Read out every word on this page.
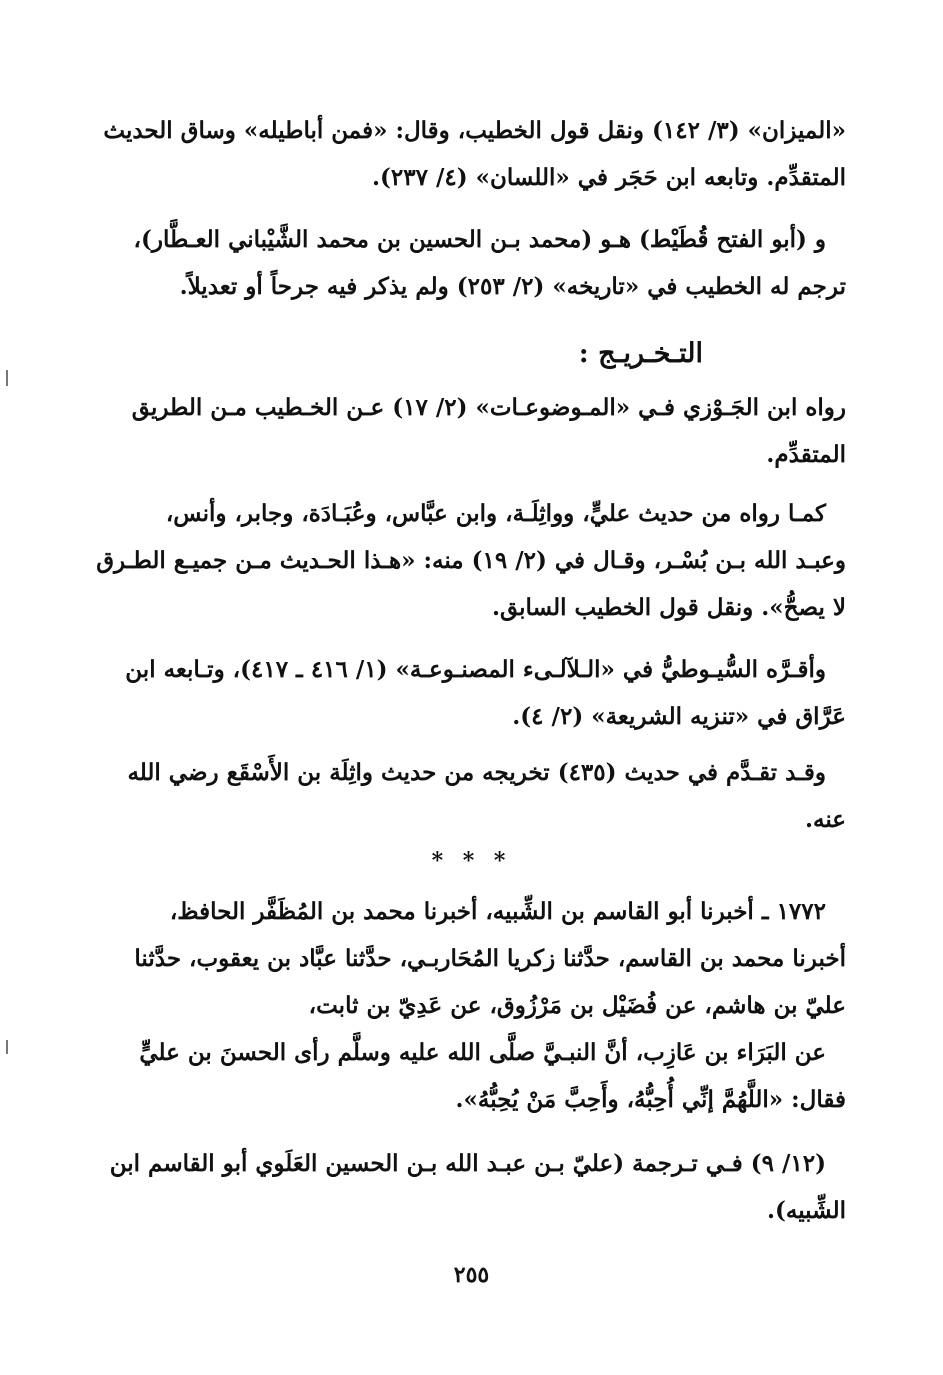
«الميزان» (٣/ ١٤٢) ونقل قول الخطيب، وقال: «فمن أباطيله» وساق الحديث

المتقدِّم. وتابعه ابن حَجَر في «اللسان» (٤/ ٢٣٧).

و (أبو الفتح قُطَيْط) هـو (محمد بـن الحسين بن محمد الشَّيْباني العـطَّار)،

ترجم له الخطيب في «تاريخه» (٢/ ٢٥٣) ولم يذكر فيه جرحاً أو تعديلاً.

التـخـريـج :

رواه ابن الجَـوْزي فـي «المـوضوعـات» (٢/ ١٧) عـن الخـطيب مـن الطريق

المتقدِّم.

كمـا رواه من حديث عليٍّ، وواثِلَـة، وابن عبَّاس، وعُبَـادَة، وجابر، وأنس،

وعبـد الله بـن بُسْـر، وقـال في (٢/ ١٩) منه: «هـذا الحـديث مـن جميـع الطـرق

لا يصحُّ». ونقل قول الخطيب السابق.

وأقـرَّه السُّيـوطيُّ في «الـلآلـىء المصنـوعـة» (١/ ٤١٦ ـ ٤١٧)، وتـابعه ابن

عَرَّاق في «تنزيه الشريعة» (٢/ ٤).

وقـد تقـدَّم في حديث (٤٣٥) تخريجه من حديث واثِلَة بن الأَسْقَع رضي الله

عنه.

* * *

١٧٧٢ ـ أخبرنا أبو القاسم بن الشِّبيه، أخبرنا محمد بن المُظَفَّر الحافظ،

أخبرنا محمد بن القاسم، حدَّثنا زكريا المُحَاربـي، حدَّثنا عبَّاد بن يعقوب، حدَّثنا

عليّ بن هاشم، عن فُضَيْل بن مَرْزُوق، عن عَدِيّ بن ثابت،

عن البَرَاء بن عَازِب، أنَّ النبـيَّ صلَّى الله عليه وسلَّم رأى الحسنَ بن عليٍّ

فقال: «اللَّهُمَّ إنِّي أُحِبُّهُ، وأَحِبَّ مَنْ يُحِبُّهُ».

(١٢/ ٩) فـي تـرجمة (عليّ بـن عبـد الله بـن الحسين العَلَوي أبو القاسم ابن

الشِّبيه).

٢٥٥
